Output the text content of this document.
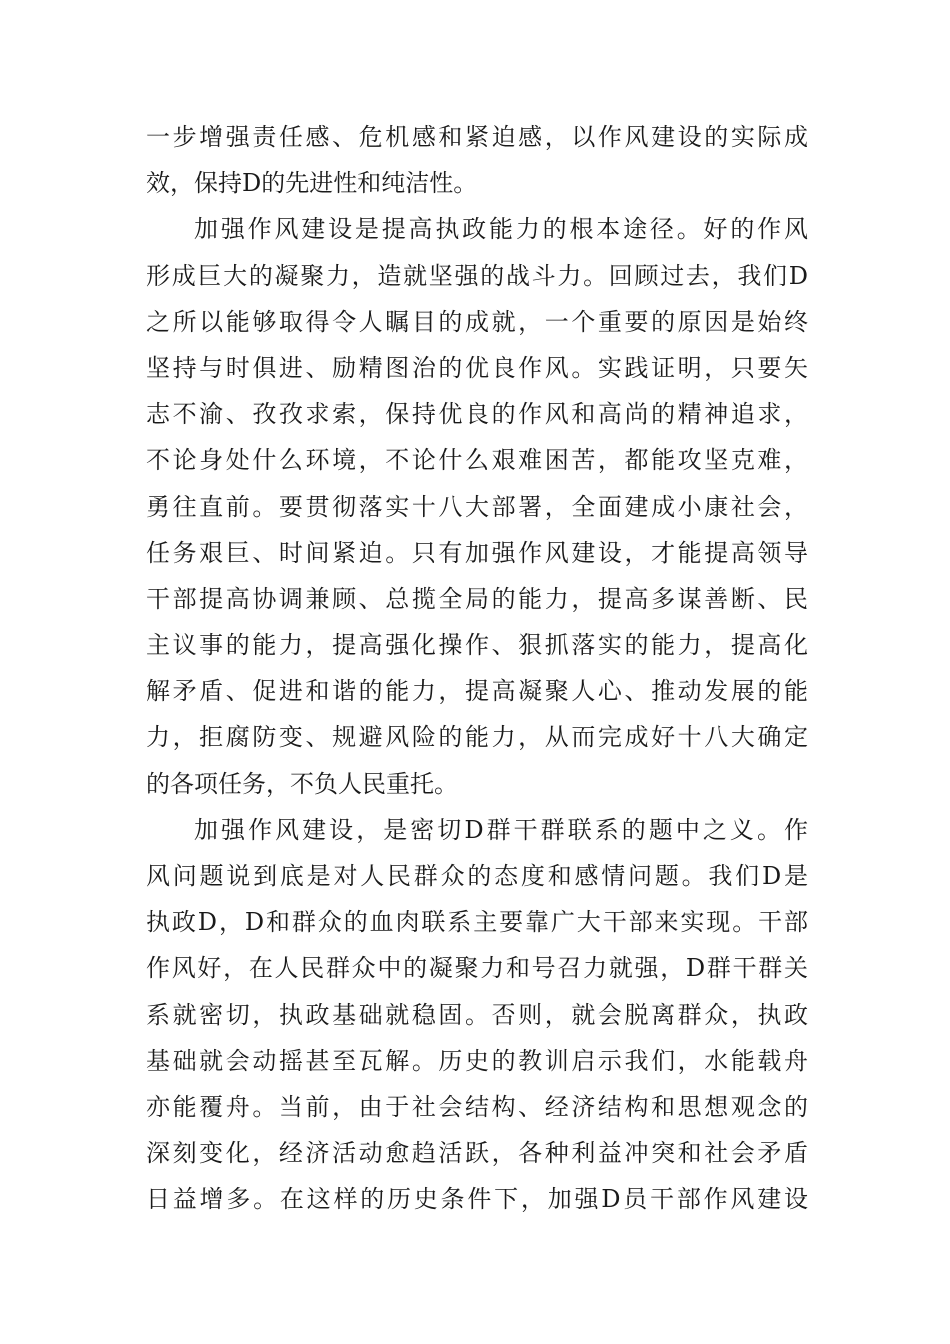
一步增强责任感、危机感和紧迫感，以作风建设的实际成
效，保持D的先进性和纯洁性。
加强作风建设是提高执政能力的根本途径。好的作风
形成巨大的凝聚力，造就坚强的战斗力。回顾过去，我们D
之所以能够取得令人瞩目的成就，一个重要的原因是始终
坚持与时俱进、励精图治的优良作风。实践证明，只要矢
志不渝、孜孜求索，保持优良的作风和高尚的精神追求，
不论身处什么环境，不论什么艰难困苦，都能攻坚克难，
勇往直前。要贯彻落实十八大部署，全面建成小康社会，
任务艰巨、时间紧迫。只有加强作风建设，才能提高领导
干部提高协调兼顾、总揽全局的能力，提高多谋善断、民
主议事的能力，提高强化操作、狠抓落实的能力，提高化
解矛盾、促进和谐的能力，提高凝聚人心、推动发展的能
力，拒腐防变、规避风险的能力，从而完成好十八大确定
的各项任务，不负人民重托。
加强作风建设，是密切D群干群联系的题中之义。作
风问题说到底是对人民群众的态度和感情问题。我们D是
执政D，D和群众的血肉联系主要靠广大干部来实现。干部
作风好，在人民群众中的凝聚力和号召力就强，D群干群关
系就密切，执政基础就稳固。否则，就会脱离群众，执政
基础就会动摇甚至瓦解。历史的教训启示我们，水能载舟
亦能覆舟。当前，由于社会结构、经济结构和思想观念的
深刻变化，经济活动愈趋活跃，各种利益冲突和社会矛盾
日益增多。在这样的历史条件下，加强D员干部作风建设
